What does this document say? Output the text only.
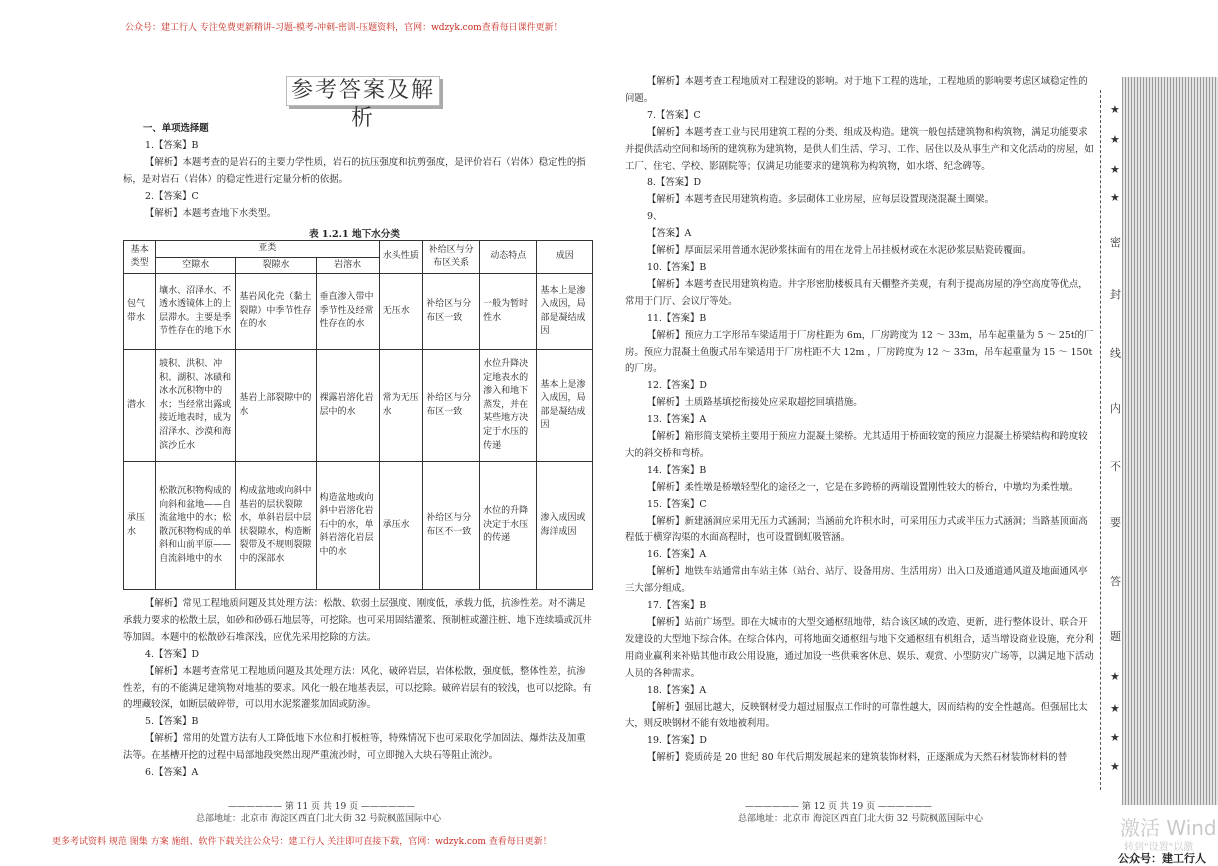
公众号：建工行人 专注免费更新精讲-习题-模考-冲刺-密训-压题资料，官网：wdzyk.com查看每日课件更新！
参考答案及解析

一、单项选择题

1.【答案】B

【解析】本题考查的是岩石的主要力学性质，岩石的抗压强度和抗剪强度，是评价岩石（岩体）稳定性的指标，是对岩石（岩体）的稳定性进行定量分析的依据。

2.【答案】C

【解析】本题考查地下水类型。

表 1.2.1 地下水分类
基本类型	亚类			水头性质	补给区与分布区关系	动态特点	成因
	空隙水	裂隙水	岩溶水				
包气带水	壤水、沼泽水、不透水透镜体上的上层滞水。主要是季节性存在的地下水	基岩风化壳（黏土裂隙）中季节性存在的水	垂直渗入带中季节性及经常性存在的水	无压水	补给区与分布区一致	一般为暂时性水	基本上是渗入成因，局部是凝结成因
潜水	坡积、洪积、冲积、湖积、冰碛和冰水沉积物中的水；当经常出露或接近地表时，成为沼泽水、沙漠和海滨沙丘水	基岩上部裂隙中的水	裸露岩溶化岩层中的水	常为无压水	补给区与分布区一致	水位升降决定地表水的渗入和地下蒸发，并在某些地方决定于水压的传递	基本上是渗入成因，局部是凝结成因
承压水	松散沉积物构成的向斜和盆地——自流盆地中的水；松散沉积物构成的单斜和山前平原——自流斜地中的水	构成盆地或向斜中基岩的层状裂隙水，单斜岩层中层状裂隙水，构造断裂带及不规则裂隙中的深部水	构造盆地或向斜中岩溶化岩石中的水，单斜岩溶化岩层中的水	承压水	补给区与分布区不一致	水位的升降决定于水压的传递	渗入成因或海洋成因

【解析】常见工程地质问题及其处理方法：松散、软弱土层强度、刚度低，承载力低，抗渗性差。对不满足承载力要求的松散土层，如砂和砂砾石地层等，可挖除。也可采用固结灌浆、预制桩或灌注桩、地下连续墙或沉井等加固。本题中的松散砂石堆深浅，应优先采用挖除的方法。

4.【答案】D

【解析】本题考查常见工程地质问题及其处理方法：风化、破碎岩层，岩体松散，强度低，整体性差，抗渗性差，有的不能满足建筑物对地基的要求。风化一般在地基表层，可以挖除。破碎岩层有的较浅，也可以挖除。有的埋藏较深，如断层破碎带，可以用水泥浆灌浆加固或防渗。

5.【答案】B

【解析】常用的处置方法有人工降低地下水位和打板桩等，特殊情况下也可采取化学加固法、爆炸法及加重法等。在基槽开挖的过程中局部地段突然出现严重流沙时，可立即抛入大块石等阻止流沙。

6.【答案】A

—————— 第 11 页 共 19 页 ——————
总部地址：北京市 海淀区西直门北大街 32 号院枫蓝国际中心

【解析】本题考查工程地质对工程建设的影响。对于地下工程的选址，工程地质的影响要考虑区域稳定性的问题。

7.【答案】C

【解析】本题考查工业与民用建筑工程的分类、组成及构造。建筑一般包括建筑物和构筑物，满足功能要求并提供活动空间和场所的建筑称为建筑物，是供人们生活、学习、工作、居住以及从事生产和文化活动的房屋，如工厂、住宅、学校、影剧院等；仅满足功能要求的建筑称为构筑物，如水塔、纪念碑等。

8.【答案】D

【解析】本题考查民用建筑构造。多层砌体工业房屋，应每层设置现浇混凝土圈梁。

9、

【答案】A

【解析】厚面层采用普通水泥砂浆抹面有的用在龙骨上吊挂板材或在水泥砂浆层贴瓷砖覆面。

10.【答案】B

【解析】本题考查民用建筑构造。井字形密肋楼板具有天棚整齐美观，有利于提高房屋的净空高度等优点，常用于门厅、会议厅等处。

11.【答案】B

【解析】预应力工字形吊车梁适用于厂房柱距为 6m，厂房跨度为 12 ～ 33m，吊车起重量为 5 ～ 25t的厂房。预应力混凝土鱼腹式吊车梁适用于厂房柱距不大 12m ，厂房跨度为 12 ～ 33m，吊车起重量为 15 ～ 150t的厂房。

12.【答案】D

【解析】土质路基填挖衔接处应采取超挖回填措施。

13.【答案】A

【解析】箱形简支梁桥主要用于预应力混凝土梁桥。尤其适用于桥面较宽的预应力混凝土桥梁结构和跨度较大的斜交桥和弯桥。

14.【答案】B

【解析】柔性墩是桥墩轻型化的途径之一，它是在多跨桥的两端设置刚性较大的桥台，中墩均为柔性墩。

15.【答案】C

【解析】新建涵洞应采用无压力式涵洞；当涵前允许积水时，可采用压力式或半压力式涵洞；当路基顶面高程低于横穿沟渠的水面高程时，也可设置倒虹吸管涵。

16.【答案】A

【解析】地铁车站通常由车站主体（站台、站厅、设备用房、生活用房）出入口及通道通风道及地面通风亭三大部分组成。

17.【答案】B

【解析】站前广场型。即在大城市的大型交通枢纽地带，结合该区域的改造、更新，进行整体设计、联合开发建设的大型地下综合体。在综合体内，可将地面交通枢纽与地下交通枢纽有机组合，适当增设商业设施，充分利用商业赢利来补贴其他市政公用设施，通过加设一些供乘客休息、娱乐、观赏、小型防灾广场等，以满足地下活动人员的各种需求。

18.【答案】A

【解析】强屈比越大，反映钢材受力超过屈服点工作时的可靠性越大，因而结构的安全性越高。但强屈比太大，则反映钢材不能有效地被利用。

19.【答案】D

【解析】瓷质砖是 20 世纪 80 年代后期发展起来的建筑装饰材料，正逐渐成为天然石材装饰材料的替

—————— 第 12 页 共 19 页 ——————
总部地址：北京市 海淀区西直门北大街 32 号院枫蓝国际中心
更多考试资料 规范 图集 方案 施组、软件下载关注公众号：建工行人 关注即可直接下载，官网：wdzyk.com 查看每日更新！
★
★
★
★
密
封
线
内
不
要
答
题
★
★
★
★
激活 Wind
转到"设置"以激
公众号：建工行人
